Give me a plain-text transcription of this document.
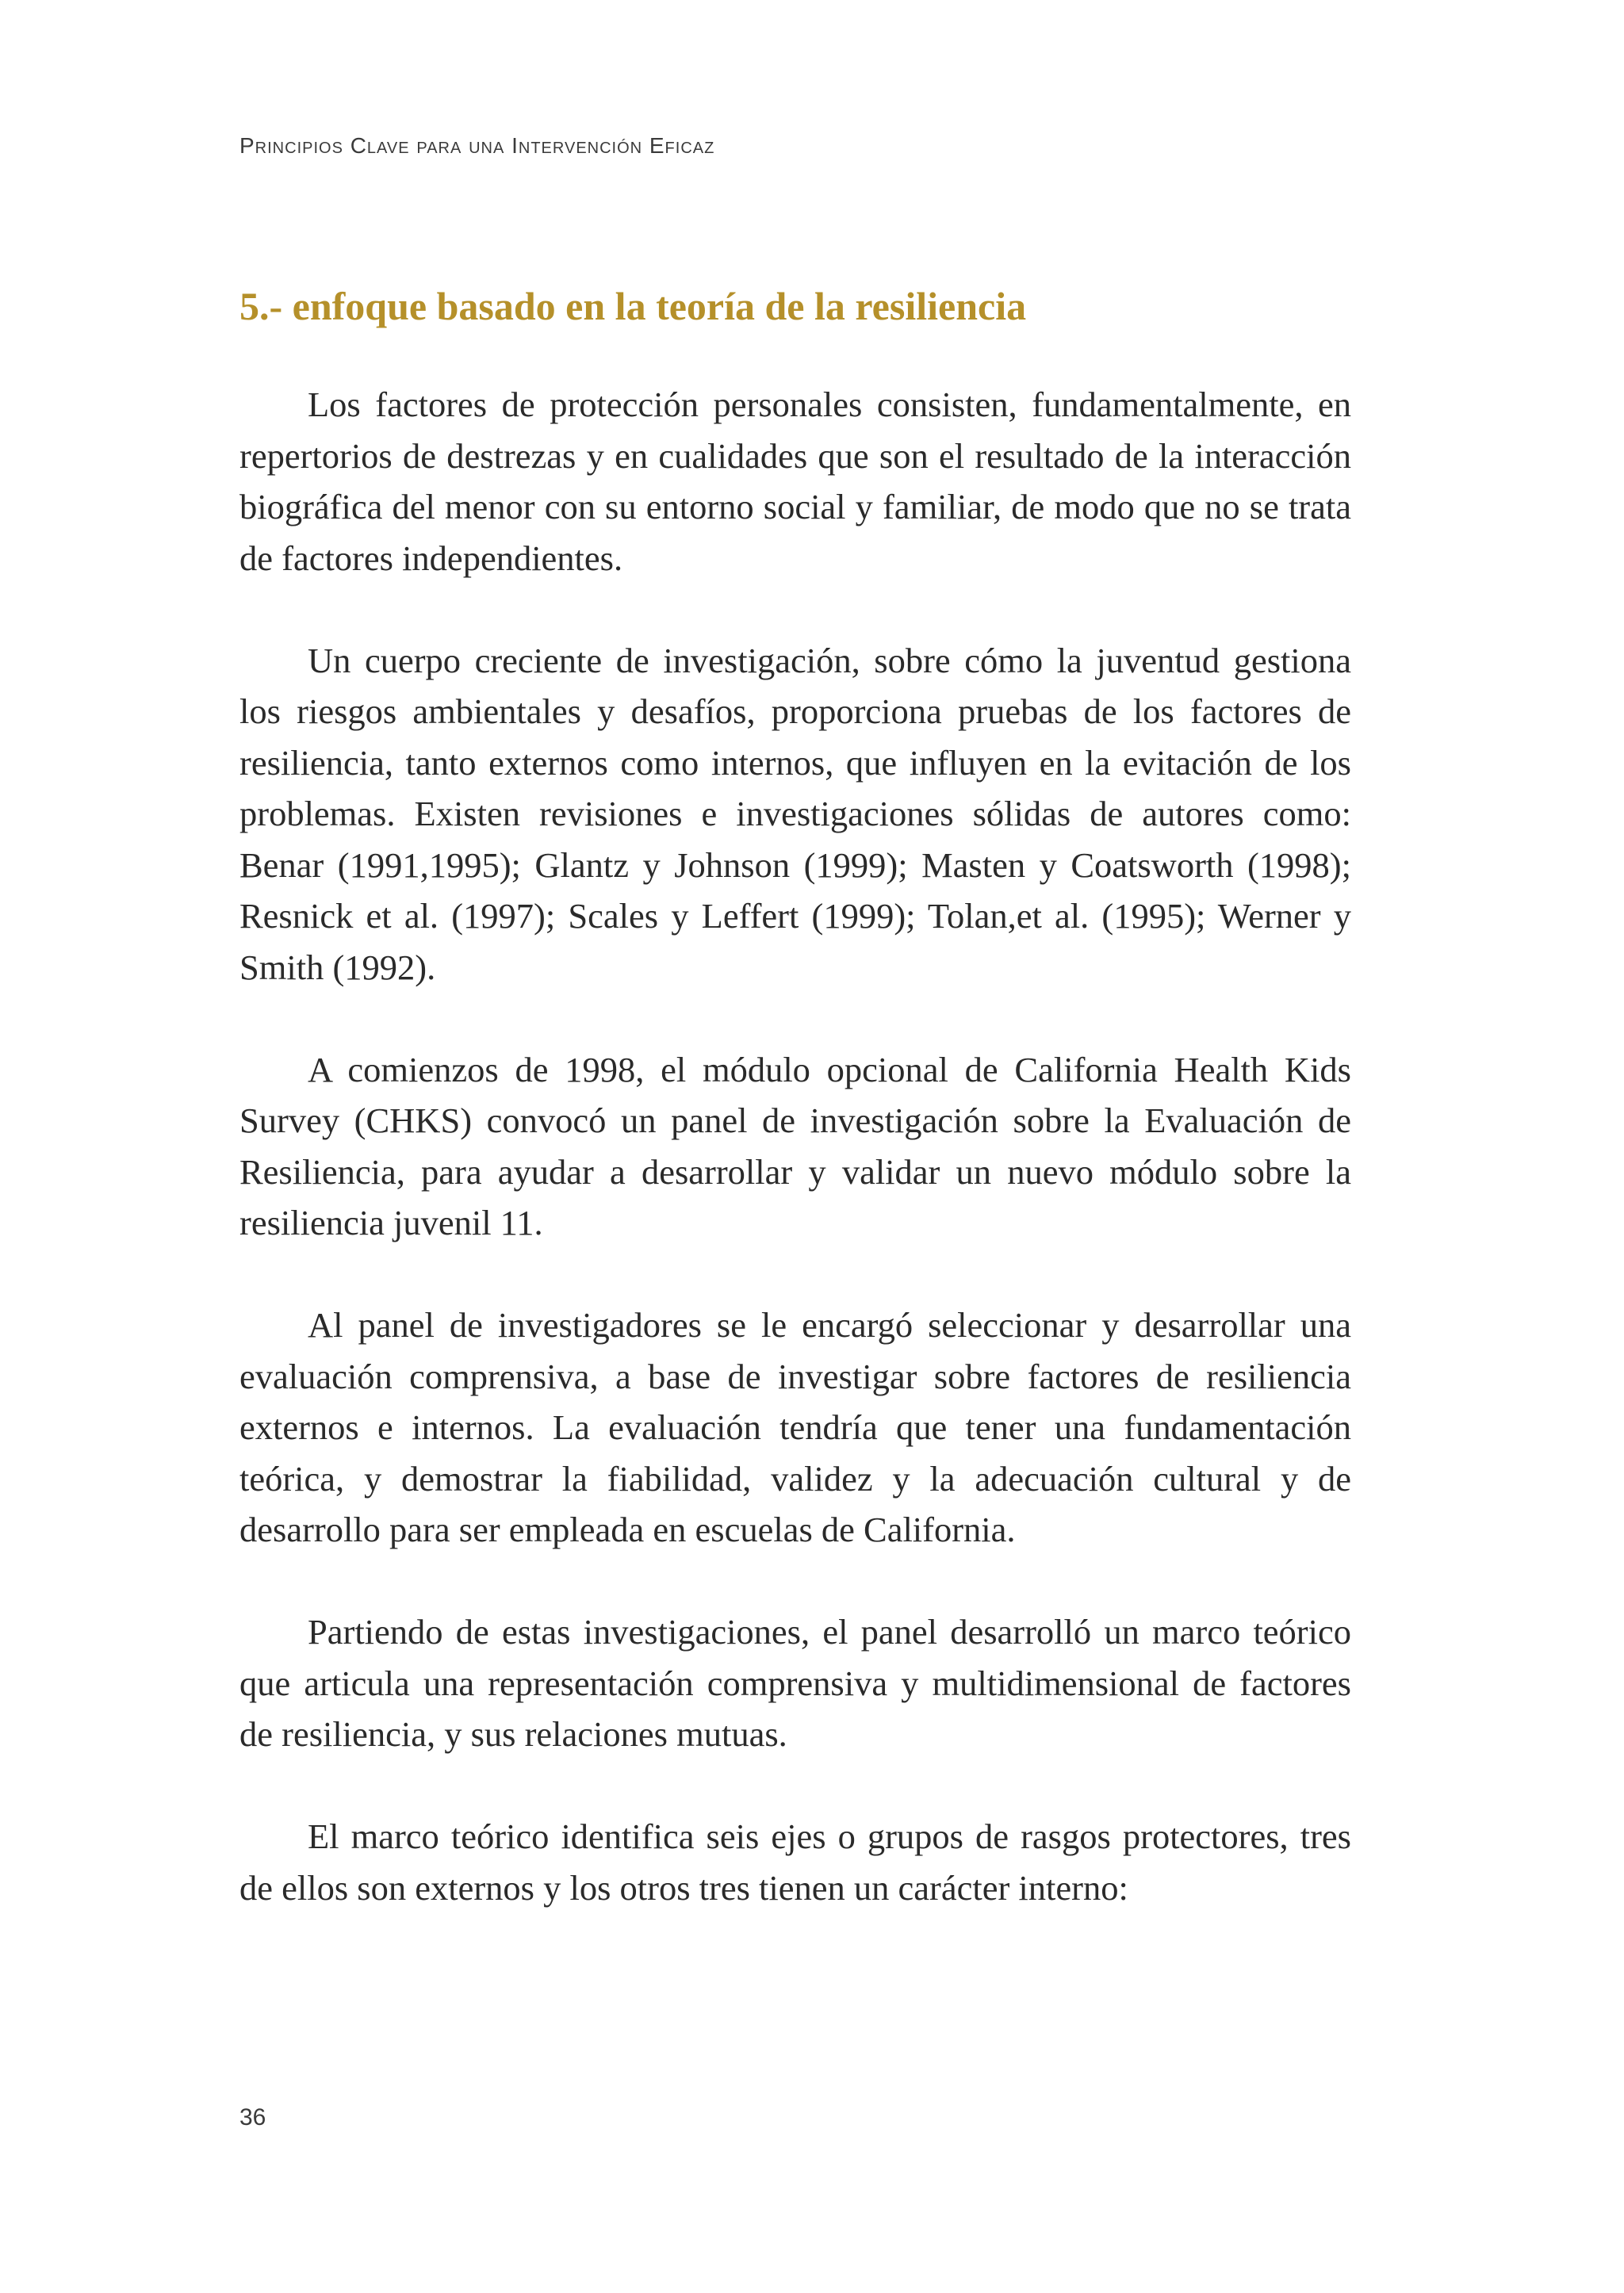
Principios Clave para una Intervención Eficaz
5.- enfoque basado en la teoría de la resiliencia

Los factores de protección personales consisten, fundamentalmente, en repertorios de destrezas y en cualidades que son el resultado de la interacción biográfica del menor con su entorno social y familiar, de modo que no se trata de factores independientes.

Un cuerpo creciente de investigación, sobre cómo la juventud gestiona los riesgos ambientales y desafíos, proporciona pruebas de los factores de resiliencia, tanto externos como internos, que influyen en la evitación de los problemas. Existen revisiones e investigaciones sólidas de autores como: Benar (1991,1995); Glantz y Johnson (1999); Masten y Coatsworth (1998); Resnick et al. (1997); Scales y Leffert (1999); Tolan,et al. (1995); Werner y Smith (1992).

A comienzos de 1998, el módulo opcional de California Health Kids Survey (CHKS) convocó un panel de investigación sobre la Evaluación de Resiliencia, para ayudar a desarrollar y validar un nuevo módulo sobre la resiliencia juvenil 11.

Al panel de investigadores se le encargó seleccionar y desarrollar una evaluación comprensiva, a base de investigar sobre factores de resiliencia externos e internos. La evaluación tendría que tener una fundamentación teórica, y demostrar la fiabilidad, validez y la adecuación cultural y de desarrollo para ser empleada en escuelas de California.

Partiendo de estas investigaciones, el panel desarrolló un marco teórico que articula una representación comprensiva y multidimensional de factores de resiliencia, y sus relaciones mutuas.

El marco teórico identifica seis ejes o grupos de rasgos protectores, tres de ellos son externos y los otros tres tienen un carácter interno:

36
